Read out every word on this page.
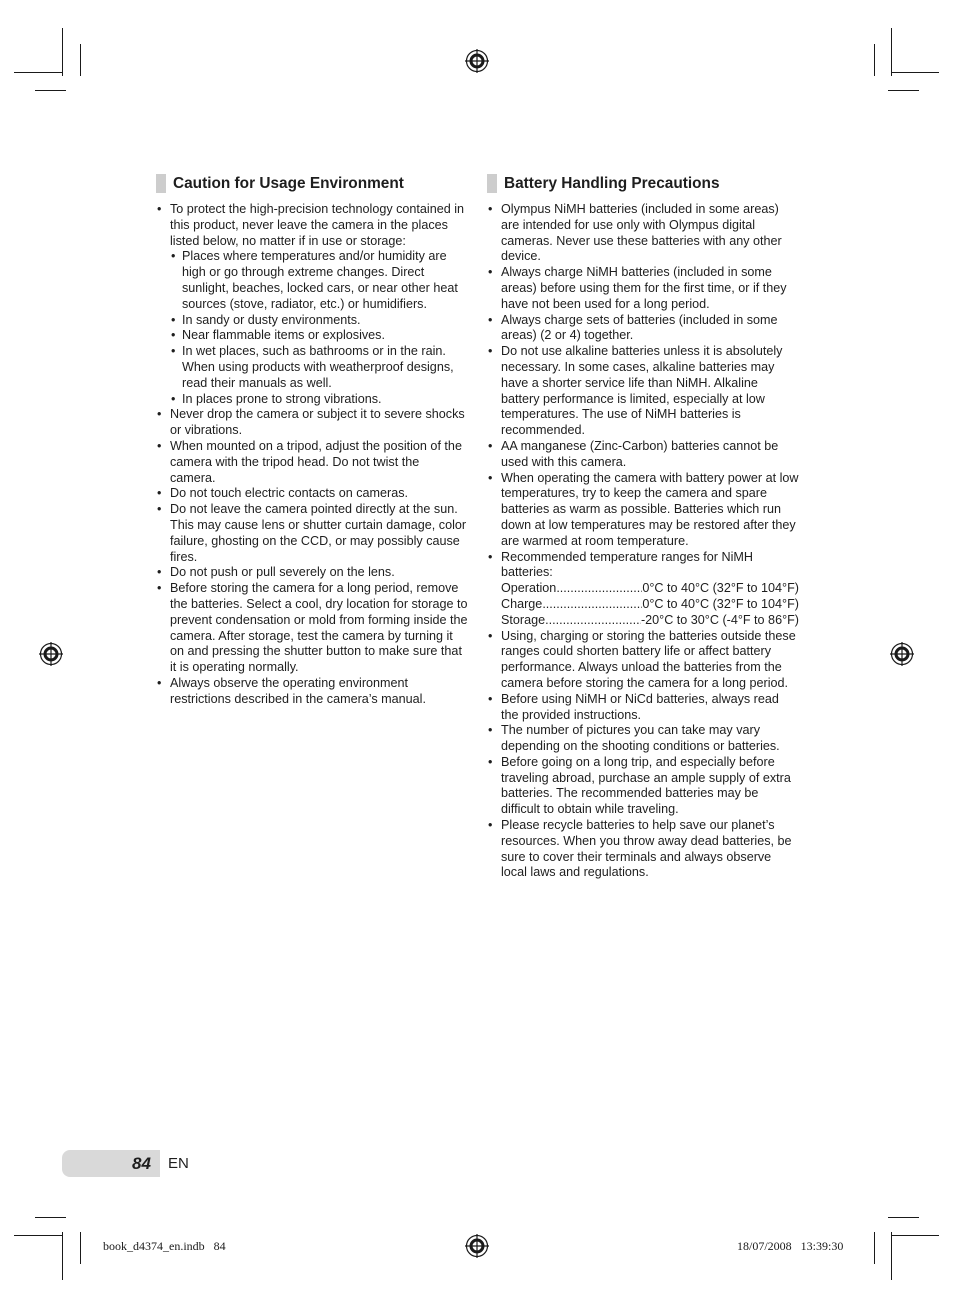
Caution for Usage Environment
• To protect the high-precision technology contained in this product, never leave the camera in the places listed below, no matter if in use or storage:
• Places where temperatures and/or humidity are high or go through extreme changes. Direct sunlight, beaches, locked cars, or near other heat sources (stove, radiator, etc.) or humidifiers.
• In sandy or dusty environments.
• Near flammable items or explosives.
• In wet places, such as bathrooms or in the rain. When using products with weatherproof designs, read their manuals as well.
• In places prone to strong vibrations.
• Never drop the camera or subject it to severe shocks or vibrations.
• When mounted on a tripod, adjust the position of the camera with the tripod head. Do not twist the camera.
• Do not touch electric contacts on cameras.
• Do not leave the camera pointed directly at the sun. This may cause lens or shutter curtain damage, color failure, ghosting on the CCD, or may possibly cause fires.
• Do not push or pull severely on the lens.
• Before storing the camera for a long period, remove the batteries. Select a cool, dry location for storage to prevent condensation or mold from forming inside the camera. After storage, test the camera by turning it on and pressing the shutter button to make sure that it is operating normally.
• Always observe the operating environment restrictions described in the camera’s manual.
Battery Handling Precautions
• Olympus NiMH batteries (included in some areas) are intended for use only with Olympus digital cameras. Never use these batteries with any other device.
• Always charge NiMH batteries (included in some areas) before using them for the first time, or if they have not been used for a long period.
• Always charge sets of batteries (included in some areas) (2 or 4) together.
• Do not use alkaline batteries unless it is absolutely necessary. In some cases, alkaline batteries may have a shorter service life than NiMH. Alkaline battery performance is limited, especially at low temperatures. The use of NiMH batteries is recommended.
• AA manganese (Zinc-Carbon) batteries cannot be used with this camera.
• When operating the camera with battery power at low temperatures, try to keep the camera and spare batteries as warm as possible. Batteries which run down at low temperatures may be restored after they are warmed at room temperature.
• Recommended temperature ranges for NiMH batteries:
Operation .....	0°C to 40°C (32°F to 104°F)
Charge .....	0°C to 40°C (32°F to 104°F)
Storage .....	-20°C to 30°C (-4°F to 86°F)
• Using, charging or storing the batteries outside these ranges could shorten battery life or affect battery performance. Always unload the batteries from the camera before storing the camera for a long period.
• Before using NiMH or NiCd batteries, always read the provided instructions.
• The number of pictures you can take may vary depending on the shooting conditions or batteries.
• Before going on a long trip, and especially before traveling abroad, purchase an ample supply of extra batteries. The recommended batteries may be difficult to obtain while traveling.
• Please recycle batteries to help save our planet’s resources. When you throw away dead batteries, be sure to cover their terminals and always observe local laws and regulations.
84 EN
book_d4374_en.indb   84	18/07/2008   13:39:30
